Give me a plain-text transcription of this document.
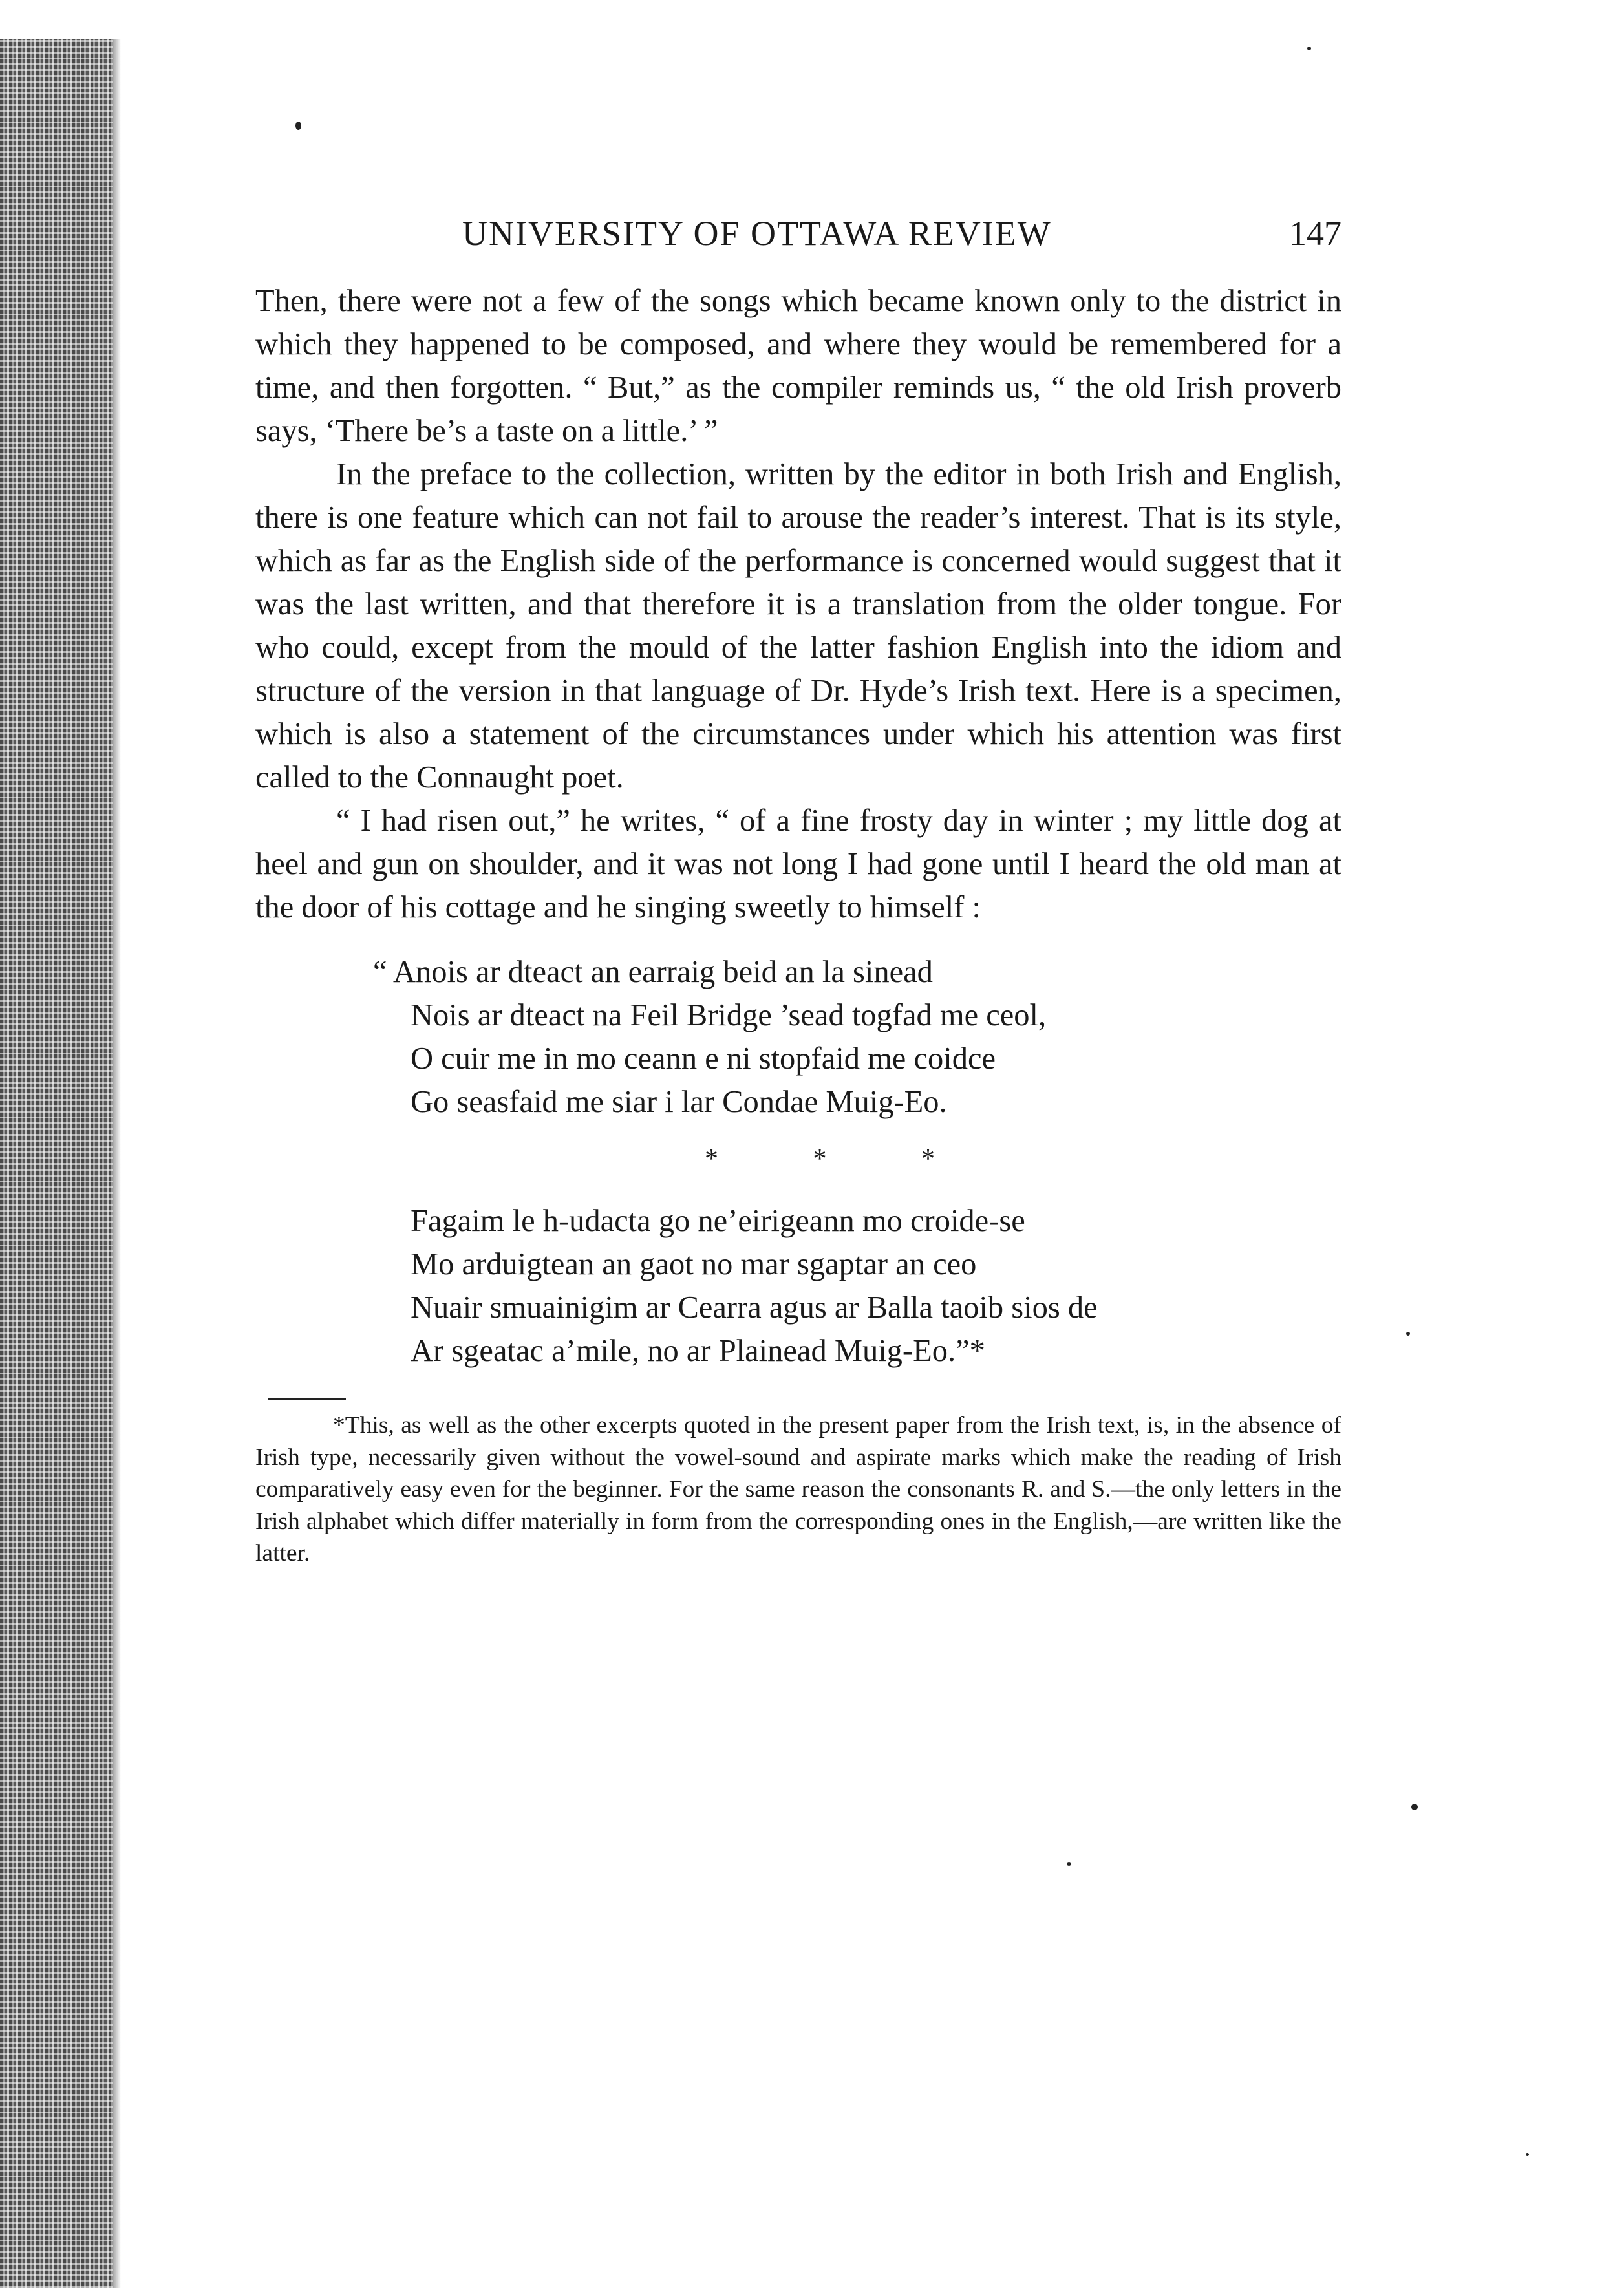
UNIVERSITY OF OTTAWA REVIEW	147

Then, there were not a few of the songs which became known only to the district in which they happened to be composed, and where they would be remembered for a time, and then forgotten. “ But,” as the compiler reminds us, “ the old Irish proverb says, ‘There be’s a taste on a little.’ ”

In the preface to the collection, written by the editor in both Irish and English, there is one feature which can not fail to arouse the reader’s interest. That is its style, which as far as the English side of the performance is concerned would suggest that it was the last written, and that therefore it is a translation from the older tongue. For who could, except from the mould of the latter fashion English into the idiom and structure of the version in that language of Dr. Hyde’s Irish text. Here is a specimen, which is also a statement of the circumstances under which his attention was first called to the Connaught poet.

“ I had risen out,” he writes, “ of a fine frosty day in winter ; my little dog at heel and gun on shoulder, and it was not long I had gone until I heard the old man at the door of his cottage and he singing sweetly to himself :

“ Anois ar dteact an earraig beid an la sinead
Nois ar dteact na Feil Bridge ’sead togfad me ceol,
O cuir me in mo ceann e ni stopfaid me coidce
Go seasfaid me siar i lar Condae Muig-Eo.
* * *
Fagaim le h-udacta go ne’eirigeann mo croide-se
Mo arduigtean an gaot no mar sgaptar an ceo
Nuair smuainigim ar Cearra agus ar Balla taoib sios de
Ar sgeatac a’mile, no ar Plainead Muig-Eo.”*

*This, as well as the other excerpts quoted in the present paper from the Irish text, is, in the absence of Irish type, necessarily given without the vowel-sound and aspirate marks which make the reading of Irish comparatively easy even for the beginner. For the same reason the consonants R. and S.—the only letters in the Irish alphabet which differ materially in form from the corresponding ones in the English,—are written like the latter.
